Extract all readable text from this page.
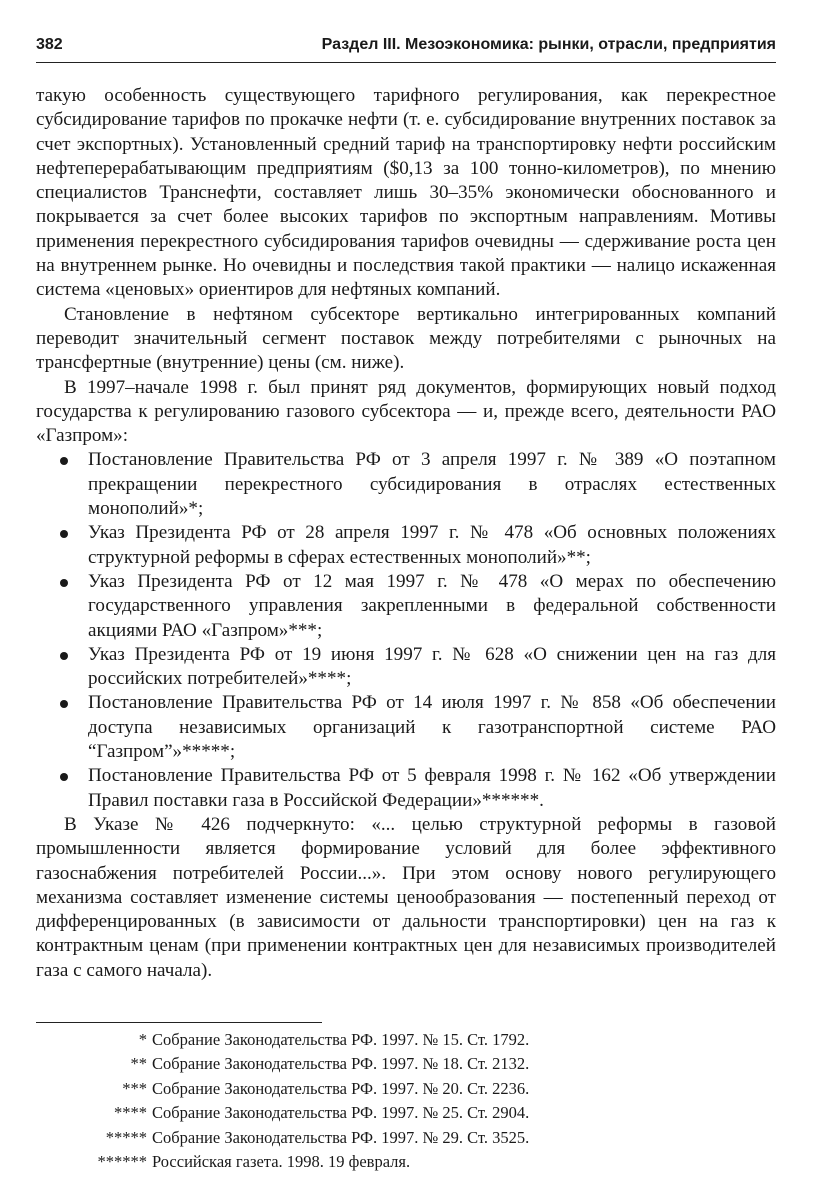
382	Раздел III. Мезоэкономика: рынки, отрасли, предприятия

такую особенность существующего тарифного регулирования, как перекрестное субсидирование тарифов по прокачке нефти (т. е. субсидирование внутренних поставок за счет экспортных). Установленный средний тариф на транспортировку нефти российским нефтеперерабатывающим предприятиям ($0,13 за 100 тонно-километров), по мнению специалистов Транснефти, составляет лишь 30–35% экономически обоснованного и покрывается за счет более высоких тарифов по экспортным направлениям. Мотивы применения перекрестного субсидирования тарифов очевидны — сдерживание роста цен на внутреннем рынке. Но очевидны и последствия такой практики — налицо искаженная система «ценовых» ориентиров для нефтяных компаний.

Становление в нефтяном субсекторе вертикально интегрированных компаний переводит значительный сегмент поставок между потребителями с рыночных на трансфертные (внутренние) цены (см. ниже).

В 1997–начале 1998 г. был принят ряд документов, формирующих новый подход государства к регулированию газового субсектора — и, прежде всего, деятельности РАО «Газпром»:

Постановление Правительства РФ от 3 апреля 1997 г. № 389 «О поэтапном прекращении перекрестного субсидирования в отраслях естественных монополий»*;
Указ Президента РФ от 28 апреля 1997 г. № 478 «Об основных положениях структурной реформы в сферах естественных монополий»**;
Указ Президента РФ от 12 мая 1997 г. № 478 «О мерах по обеспечению государственного управления закрепленными в федеральной собственности акциями РАО «Газпром»***;
Указ Президента РФ от 19 июня 1997 г. № 628 «О снижении цен на газ для российских потребителей»****;
Постановление Правительства РФ от 14 июля 1997 г. № 858 «Об обеспечении доступа независимых организаций к газотранспортной системе РАО “Газпром”»*****;
Постановление Правительства РФ от 5 февраля 1998 г. № 162 «Об утверждении Правил поставки газа в Российской Федерации»******.

В Указе № 426 подчеркнуто: «... целью структурной реформы в газовой промышленности является формирование условий для более эффективного газоснабжения потребителей России...». При этом основу нового регулирующего механизма составляет изменение системы ценообразования — постепенный переход от дифференцированных (в зависимости от дальности транспортировки) цен на газ к контрактным ценам (при применении контрактных цен для независимых производителей газа с самого начала).

* Собрание Законодательства РФ. 1997. № 15. Ст. 1792.
** Собрание Законодательства РФ. 1997. № 18. Ст. 2132.
*** Собрание Законодательства РФ. 1997. № 20. Ст. 2236.
**** Собрание Законодательства РФ. 1997. № 25. Ст. 2904.
***** Собрание Законодательства РФ. 1997. № 29. Ст. 3525.
****** Российская газета. 1998. 19 февраля.
